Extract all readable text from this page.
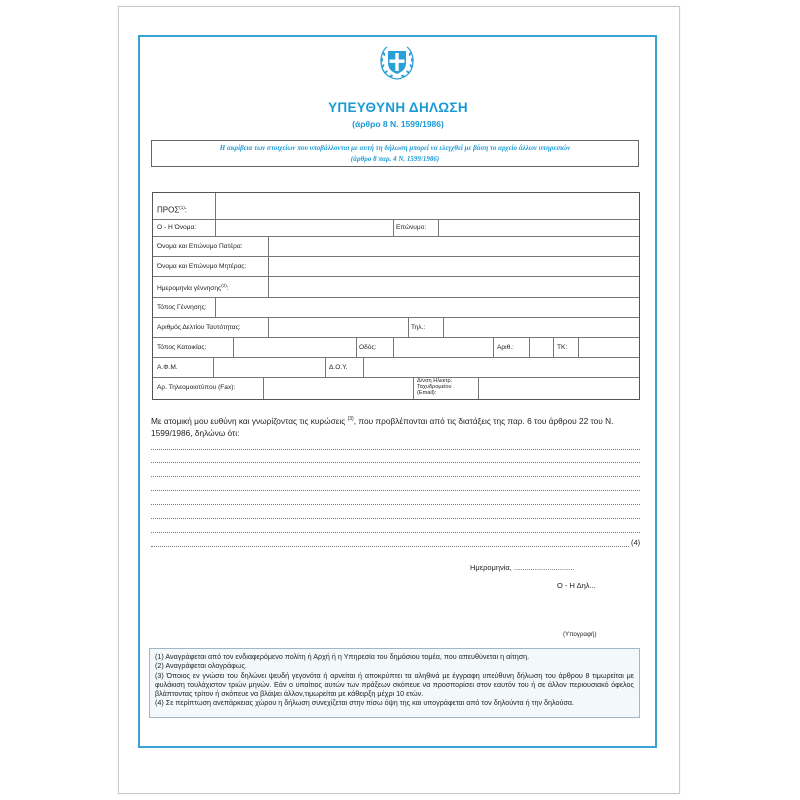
ΥΠΕΥΘΥΝΗ ΔΗΛΩΣΗ
(άρθρο 8 Ν. 1599/1986)
Η ακρίβεια των στοιχείων που υποβάλλονται με αυτή τη δήλωση μπορεί να ελεγχθεί με βάση το αρχείο άλλων υπηρεσιών
(άρθρο 8 παρ. 4 Ν. 1599/1986)
ΠΡΟΣ$^{(1)}$:
Ο - Η Όνομα:	Επώνυμο:
Όνομα και Επώνυμο Πατέρα:
Όνομα και Επώνυμο Μητέρας:
Ημερομηνία γέννησης$^{(2)}$:
Τόπος Γέννησης:
Αριθμός Δελτίου Ταυτότητας:	Τηλ.:
Τόπος Κατοικίας:	Οδός:	Αριθ.:	ΤΚ:
Α.Φ.Μ.	Δ.Ο.Υ.
Αρ. Τηλεομοιοτύπου (Fax):
Δ/νση Ηλεκτρ.
Ταχυδρομείου
(Email):
Με ατομική μου ευθύνη και γνωρίζοντας τις κυρώσεις $^{(3)}$, που προβλέπονται από τις διατάξεις της παρ. 6 του άρθρου 22 του Ν. 1599/1986, δηλώνω ότι:
(4)
Ημερομηνία, .............................
Ο - Η Δηλ...
(Υπογραφή)
(1) Αναγράφεται από τον ενδιαφερόμενο πολίτη ή Αρχή ή η Υπηρεσία του δημόσιου τομέα, που απευθύνεται η αίτηση.
(2) Αναγράφεται ολογράφως.
(3) Όποιος εν γνώσει του δηλώνει ψευδή γεγονότα ή αρνείται ή αποκρύπτει τα αληθινά με έγγραφη υπεύθυνη δήλωση του άρθρου 8 τιμωρείται με φυλάκιση τουλάχιστον τριών μηνών. Εάν ο υπαίτιος αυτών των πράξεων σκόπευε να προσπορίσει στον εαυτόν του ή σε άλλον περιουσιακό όφελος βλάπτοντας τρίτον ή σκόπευε να βλάψει άλλον,τιμωρείται με κάθειρξη μέχρι 10 ετών.
(4) Σε περίπτωση ανεπάρκειας χώρου η δήλωση συνεχίζεται στην πίσω όψη της και υπογράφεται από τον δηλούντα ή την δηλούσα.
